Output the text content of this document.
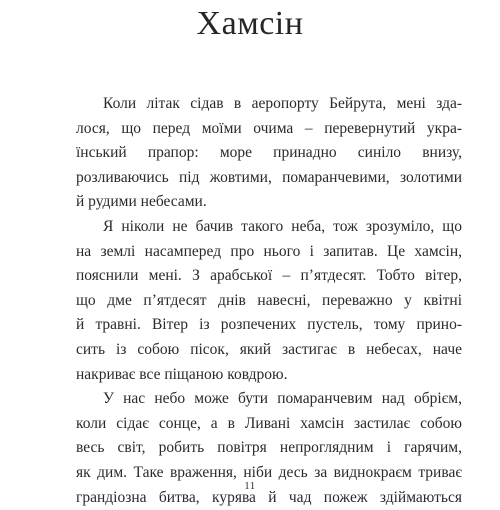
Хамсін
Коли літак сідав в аеропорту Бейрута, мені зда-
лося, що перед моїми очима – перевернутий укра-
їнський прапор: море принадно синіло внизу,
розливаючись під жовтими, помаранчевими, золотими
й рудими небесами.
Я ніколи не бачив такого неба, тож зрозуміло, що
на землі насамперед про нього і запитав. Це хамсін,
пояснили мені. З арабської – п’ятдесят. Тобто вітер,
що дме п’ятдесят днів навесні, переважно у квітні
й травні. Вітер із розпечених пустель, тому прино-
сить із собою пісок, який застигає в небесах, наче
накриває все піщаною ковдрою.
У нас небо може бути помаранчевим над обрієм,
коли сідає сонце, а в Ливані хамсін застилає собою
весь світ, робить повітря непроглядним і гарячим,
як дим. Таке враження, ніби десь за виднокраєм триває
грандіозна битва, курява й чад пожеж здіймаються
11
